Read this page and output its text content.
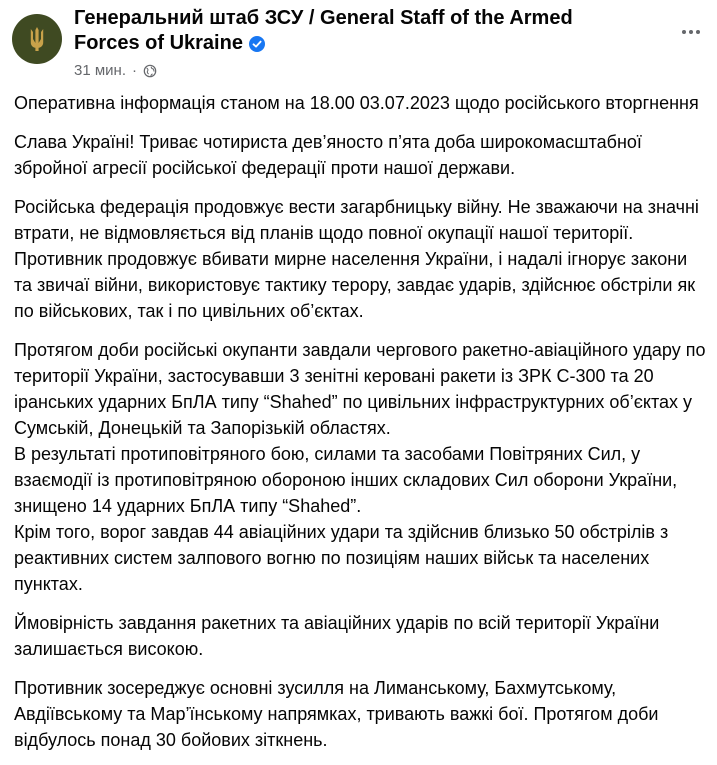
Генеральний штаб ЗСУ / General Staff of the Armed Forces of Ukraine
31 мин. ·

Оперативна інформація станом на 18.00 03.07.2023 щодо російського вторгнення

Слава Україні! Триває чотириста дев’яносто п’ята доба широкомасштабної збройної агресії російської федерації проти нашої держави.

Російська федерація продовжує вести загарбницьку війну. Не зважаючи на значні втрати, не відмовляється від планів щодо повної окупації нашої території.

Противник продовжує вбивати мирне населення України, і надалі ігнорує закони та звичаї війни, використовує тактику терору, завдає ударів, здійснює обстріли як по військових, так і по цивільних об’єктах.

Протягом доби російські окупанти завдали чергового ракетно-авіаційного удару по території України, застосувавши 3 зенітні керовані ракети із ЗРК С-300 та 20 іранських ударних БпЛА типу “Shahed” по цивільних інфраструктурних об’єктах у Сумській, Донецькій та Запорізькій областях.

В результаті протиповітряного бою, силами та засобами Повітряних Сил, у взаємодії із протиповітряною обороною інших складових Сил оборони України, знищено 14 ударних БпЛА типу “Shahed”.

Крім того, ворог завдав 44 авіаційних удари та здійснив близько 50 обстрілів з реактивних систем залпового вогню по позиціям наших військ та населених пунктах.

Ймовірність завдання ракетних та авіаційних ударів по всій території України залишається високою.

Противник зосереджує основні зусилля на Лиманському, Бахмутському, Авдіївському та Мар’їнському напрямках, тривають важкі бої. Протягом доби відбулось понад 30 бойових зіткнень.
